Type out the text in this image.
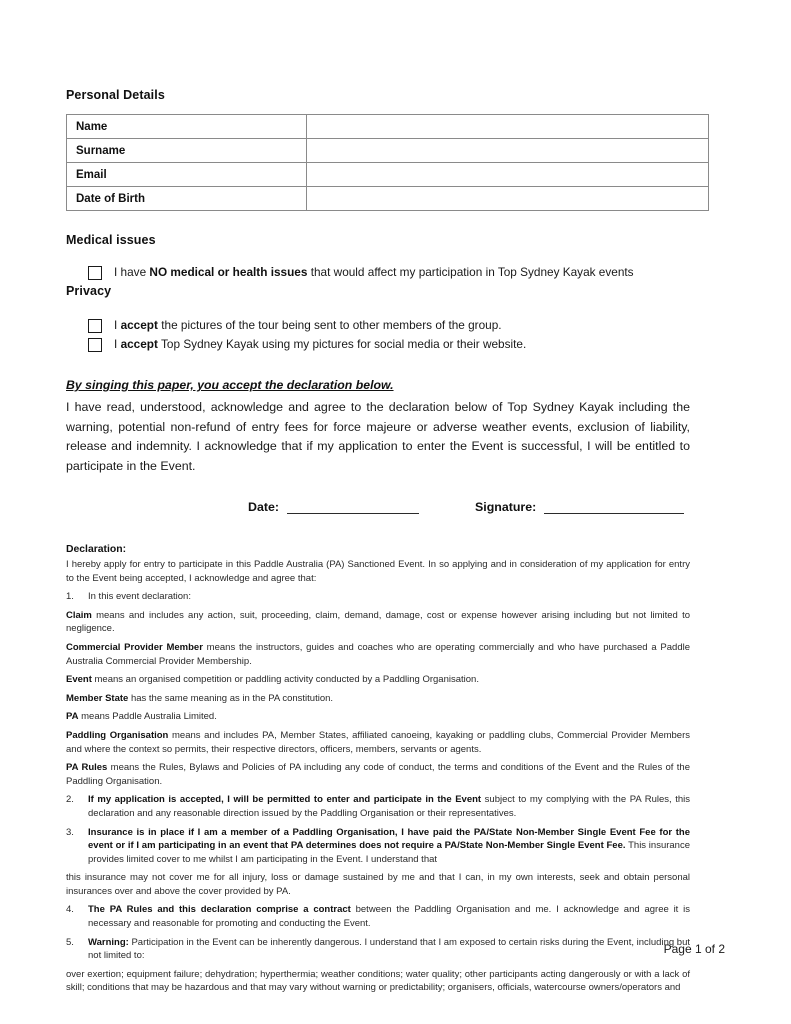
Personal Details
Name	
Surname	
Email	
Date of Birth	
Medical issues
I have NO medical or health issues that would affect my participation in Top Sydney Kayak events
Privacy
I accept the pictures of the tour being sent to other members of the group.
I accept Top Sydney Kayak using my pictures for social media or their website.
By singing this paper, you accept the declaration below.
I have read, understood, acknowledge and agree to the declaration below of Top Sydney Kayak including the warning, potential non-refund of entry fees for force majeure or adverse weather events, exclusion of liability, release and indemnity. I acknowledge that if my application to enter the Event is successful, I will be entitled to participate in the Event.
Date:	Signature:
Declaration:
I hereby apply for entry to participate in this Paddle Australia (PA) Sanctioned Event. In so applying and in consideration of my application for entry to the Event being accepted, I acknowledge and agree that:
1.	In this event declaration:
Claim means and includes any action, suit, proceeding, claim, demand, damage, cost or expense however arising including but not limited to negligence.
Commercial Provider Member means the instructors, guides and coaches who are operating commercially and who have purchased a Paddle Australia Commercial Provider Membership.
Event means an organised competition or paddling activity conducted by a Paddling Organisation.
Member State has the same meaning as in the PA constitution.
PA means Paddle Australia Limited.
Paddling Organisation means and includes PA, Member States, affiliated canoeing, kayaking or paddling clubs, Commercial Provider Members and where the context so permits, their respective directors, officers, members, servants or agents.
PA Rules means the Rules, Bylaws and Policies of PA including any code of conduct, the terms and conditions of the Event and the Rules of the Paddling Organisation.
2.	If my application is accepted, I will be permitted to enter and participate in the Event subject to my complying with the PA Rules, this declaration and any reasonable direction issued by the Paddling Organisation or their representatives.
3.	Insurance is in place if I am a member of a Paddling Organisation, I have paid the PA/State Non-Member Single Event Fee for the event or if I am participating in an event that PA determines does not require a PA/State Non-Member Single Event Fee. This insurance provides limited cover to me whilst I am participating in the Event. I understand that
this insurance may not cover me for all injury, loss or damage sustained by me and that I can, in my own interests, seek and obtain personal insurances over and above the cover provided by PA.
4.	The PA Rules and this declaration comprise a contract between the Paddling Organisation and me. I acknowledge and agree it is necessary and reasonable for promoting and conducting the Event.
5.	Warning: Participation in the Event can be inherently dangerous. I understand that I am exposed to certain risks during the Event, including but not limited to:
over exertion; equipment failure; dehydration; hyperthermia; weather conditions; water quality; other participants acting dangerously or with a lack of skill; conditions that may be hazardous and that may vary without warning or predictability; organisers, officials, watercourse owners/operators and
Page 1 of 2
